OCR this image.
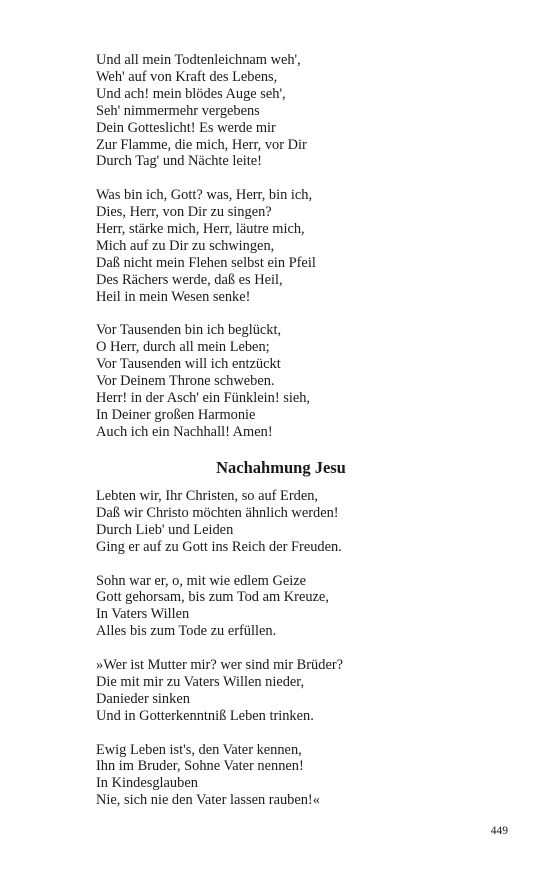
Und all mein Todtenleichnam weh',
Weh' auf von Kraft des Lebens,
Und ach! mein blödes Auge seh',
Seh' nimmermehr vergebens
Dein Gotteslicht! Es werde mir
Zur Flamme, die mich, Herr, vor Dir
Durch Tag' und Nächte leite!
Was bin ich, Gott? was, Herr, bin ich,
Dies, Herr, von Dir zu singen?
Herr, stärke mich, Herr, läutre mich,
Mich auf zu Dir zu schwingen,
Daß nicht mein Flehen selbst ein Pfeil
Des Rächers werde, daß es Heil,
Heil in mein Wesen senke!
Vor Tausenden bin ich beglückt,
O Herr, durch all mein Leben;
Vor Tausenden will ich entzückt
Vor Deinem Throne schweben.
Herr! in der Asch' ein Fünklein! sieh,
In Deiner großen Harmonie
Auch ich ein Nachhall! Amen!
Nachahmung Jesu
Lebten wir, Ihr Christen, so auf Erden,
Daß wir Christo möchten ähnlich werden!
Durch Lieb' und Leiden
Ging er auf zu Gott ins Reich der Freuden.
Sohn war er, o, mit wie edlem Geize
Gott gehorsam, bis zum Tod am Kreuze,
In Vaters Willen
Alles bis zum Tode zu erfüllen.
»Wer ist Mutter mir? wer sind mir Brüder?
Die mit mir zu Vaters Willen nieder,
Danieder sinken
Und in Gotterkenntniß Leben trinken.
Ewig Leben ist's, den Vater kennen,
Ihn im Bruder, Sohne Vater nennen!
In Kindesglauben
Nie, sich nie den Vater lassen rauben!«
449
